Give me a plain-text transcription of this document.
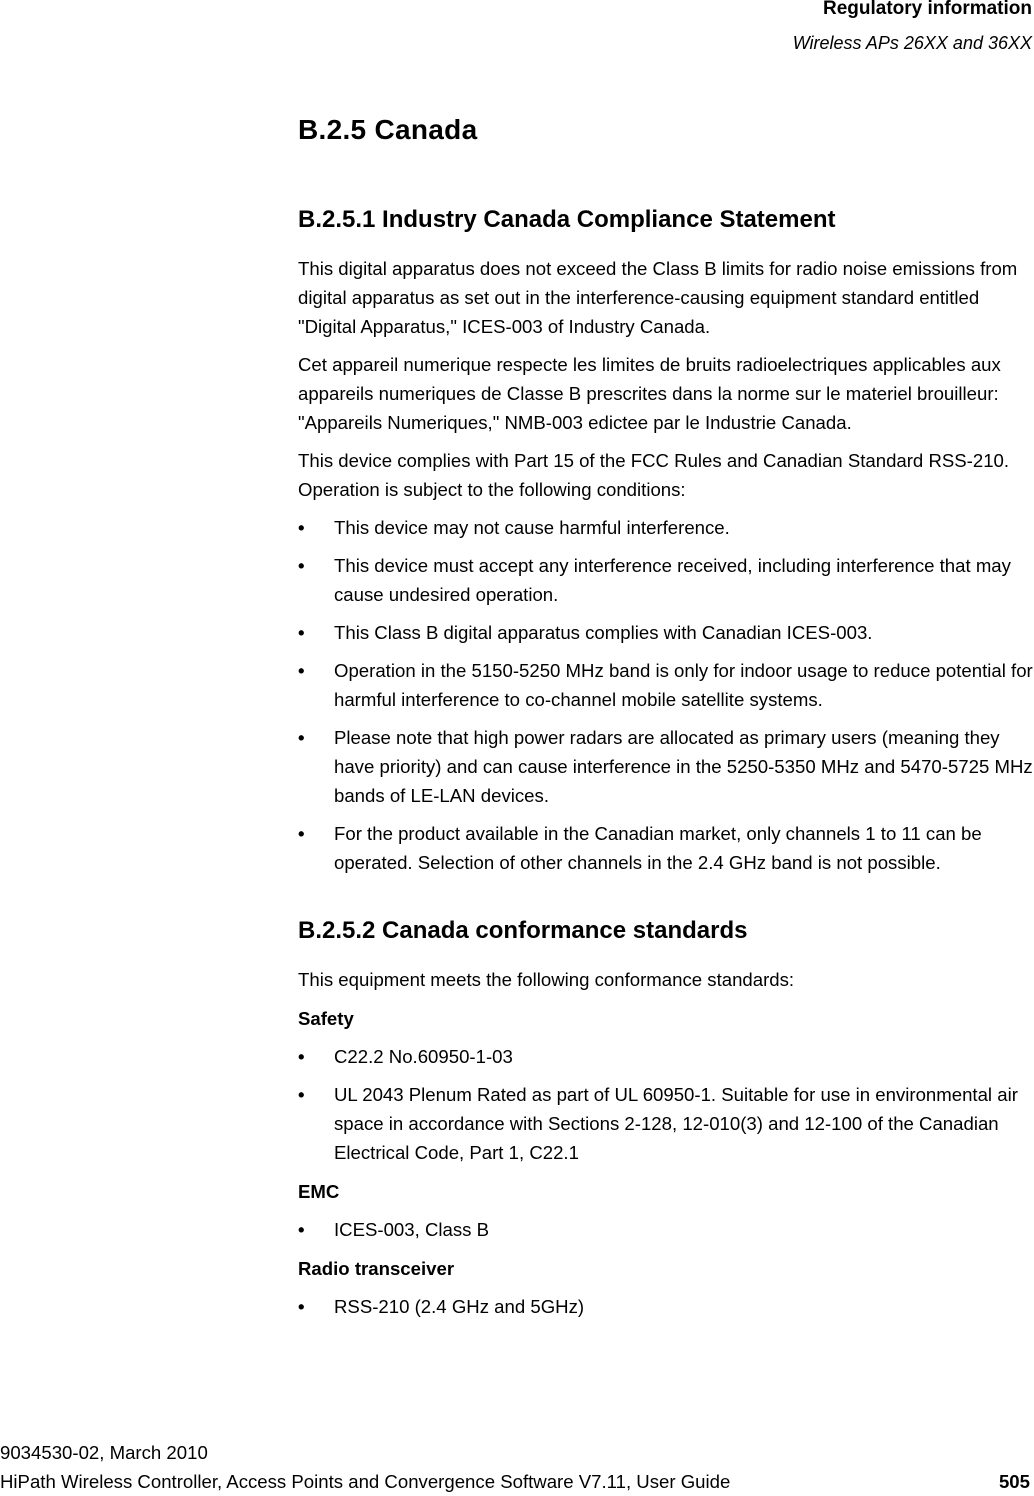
Regulatory information
Wireless APs 26XX and 36XX
B.2.5 Canada
B.2.5.1 Industry Canada Compliance Statement

This digital apparatus does not exceed the Class B limits for radio noise emissions from digital apparatus as set out in the interference-causing equipment standard entitled "Digital Apparatus," ICES-003 of Industry Canada.

Cet appareil numerique respecte les limites de bruits radioelectriques applicables aux appareils numeriques de Classe B prescrites dans la norme sur le materiel brouilleur: "Appareils Numeriques," NMB-003 edictee par le Industrie Canada.

This device complies with Part 15 of the FCC Rules and Canadian Standard RSS-210. Operation is subject to the following conditions:

• This device may not cause harmful interference.
• This device must accept any interference received, including interference that may cause undesired operation.
• This Class B digital apparatus complies with Canadian ICES-003.
• Operation in the 5150-5250 MHz band is only for indoor usage to reduce potential for harmful interference to co-channel mobile satellite systems.
• Please note that high power radars are allocated as primary users (meaning they have priority) and can cause interference in the 5250-5350 MHz and 5470-5725 MHz bands of LE-LAN devices.
• For the product available in the Canadian market, only channels 1 to 11 can be operated. Selection of other channels in the 2.4 GHz band is not possible.
B.2.5.2 Canada conformance standards

This equipment meets the following conformance standards:

Safety
• C22.2 No.60950-1-03
• UL 2043 Plenum Rated as part of UL 60950-1. Suitable for use in environmental air space in accordance with Sections 2-128, 12-010(3) and 12-100 of the Canadian Electrical Code, Part 1, C22.1
EMC
• ICES-003, Class B
Radio transceiver
• RSS-210 (2.4 GHz and 5GHz)
9034530-02, March 2010
HiPath Wireless Controller, Access Points and Convergence Software V7.11, User Guide	505
